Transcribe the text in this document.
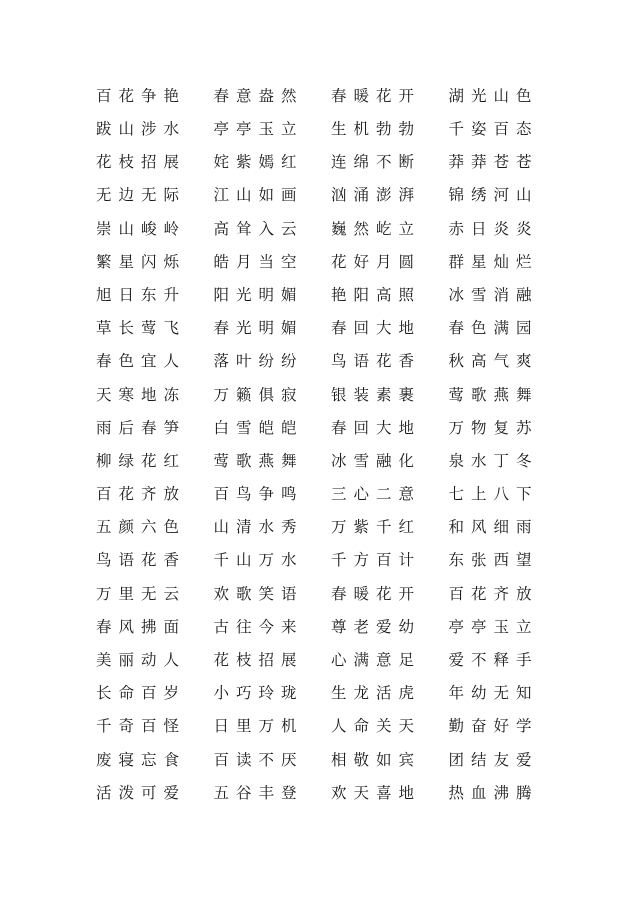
百花争艳	春意盎然	春暖花开	湖光山色
跋山涉水	亭亭玉立	生机勃勃	千姿百态
花枝招展	姹紫嫣红	连绵不断	莽莽苍苍
无边无际	江山如画	汹涌澎湃	锦绣河山
崇山峻岭	高耸入云	巍然屹立	赤日炎炎
繁星闪烁	皓月当空	花好月圆	群星灿烂
旭日东升	阳光明媚	艳阳高照	冰雪消融
草长莺飞	春光明媚	春回大地	春色满园
春色宜人	落叶纷纷	鸟语花香	秋高气爽
天寒地冻	万籁俱寂	银装素裹	莺歌燕舞
雨后春笋	白雪皑皑	春回大地	万物复苏
柳绿花红	莺歌燕舞	冰雪融化	泉水丁冬
百花齐放	百鸟争鸣	三心二意	七上八下
五颜六色	山清水秀	万紫千红	和风细雨
鸟语花香	千山万水	千方百计	东张西望
万里无云	欢歌笑语	春暖花开	百花齐放
春风拂面	古往今来	尊老爱幼	亭亭玉立
美丽动人	花枝招展	心满意足	爱不释手
长命百岁	小巧玲珑	生龙活虎	年幼无知
千奇百怪	日里万机	人命关天	勤奋好学
废寝忘食	百读不厌	相敬如宾	团结友爱
活泼可爱	五谷丰登	欢天喜地	热血沸腾
